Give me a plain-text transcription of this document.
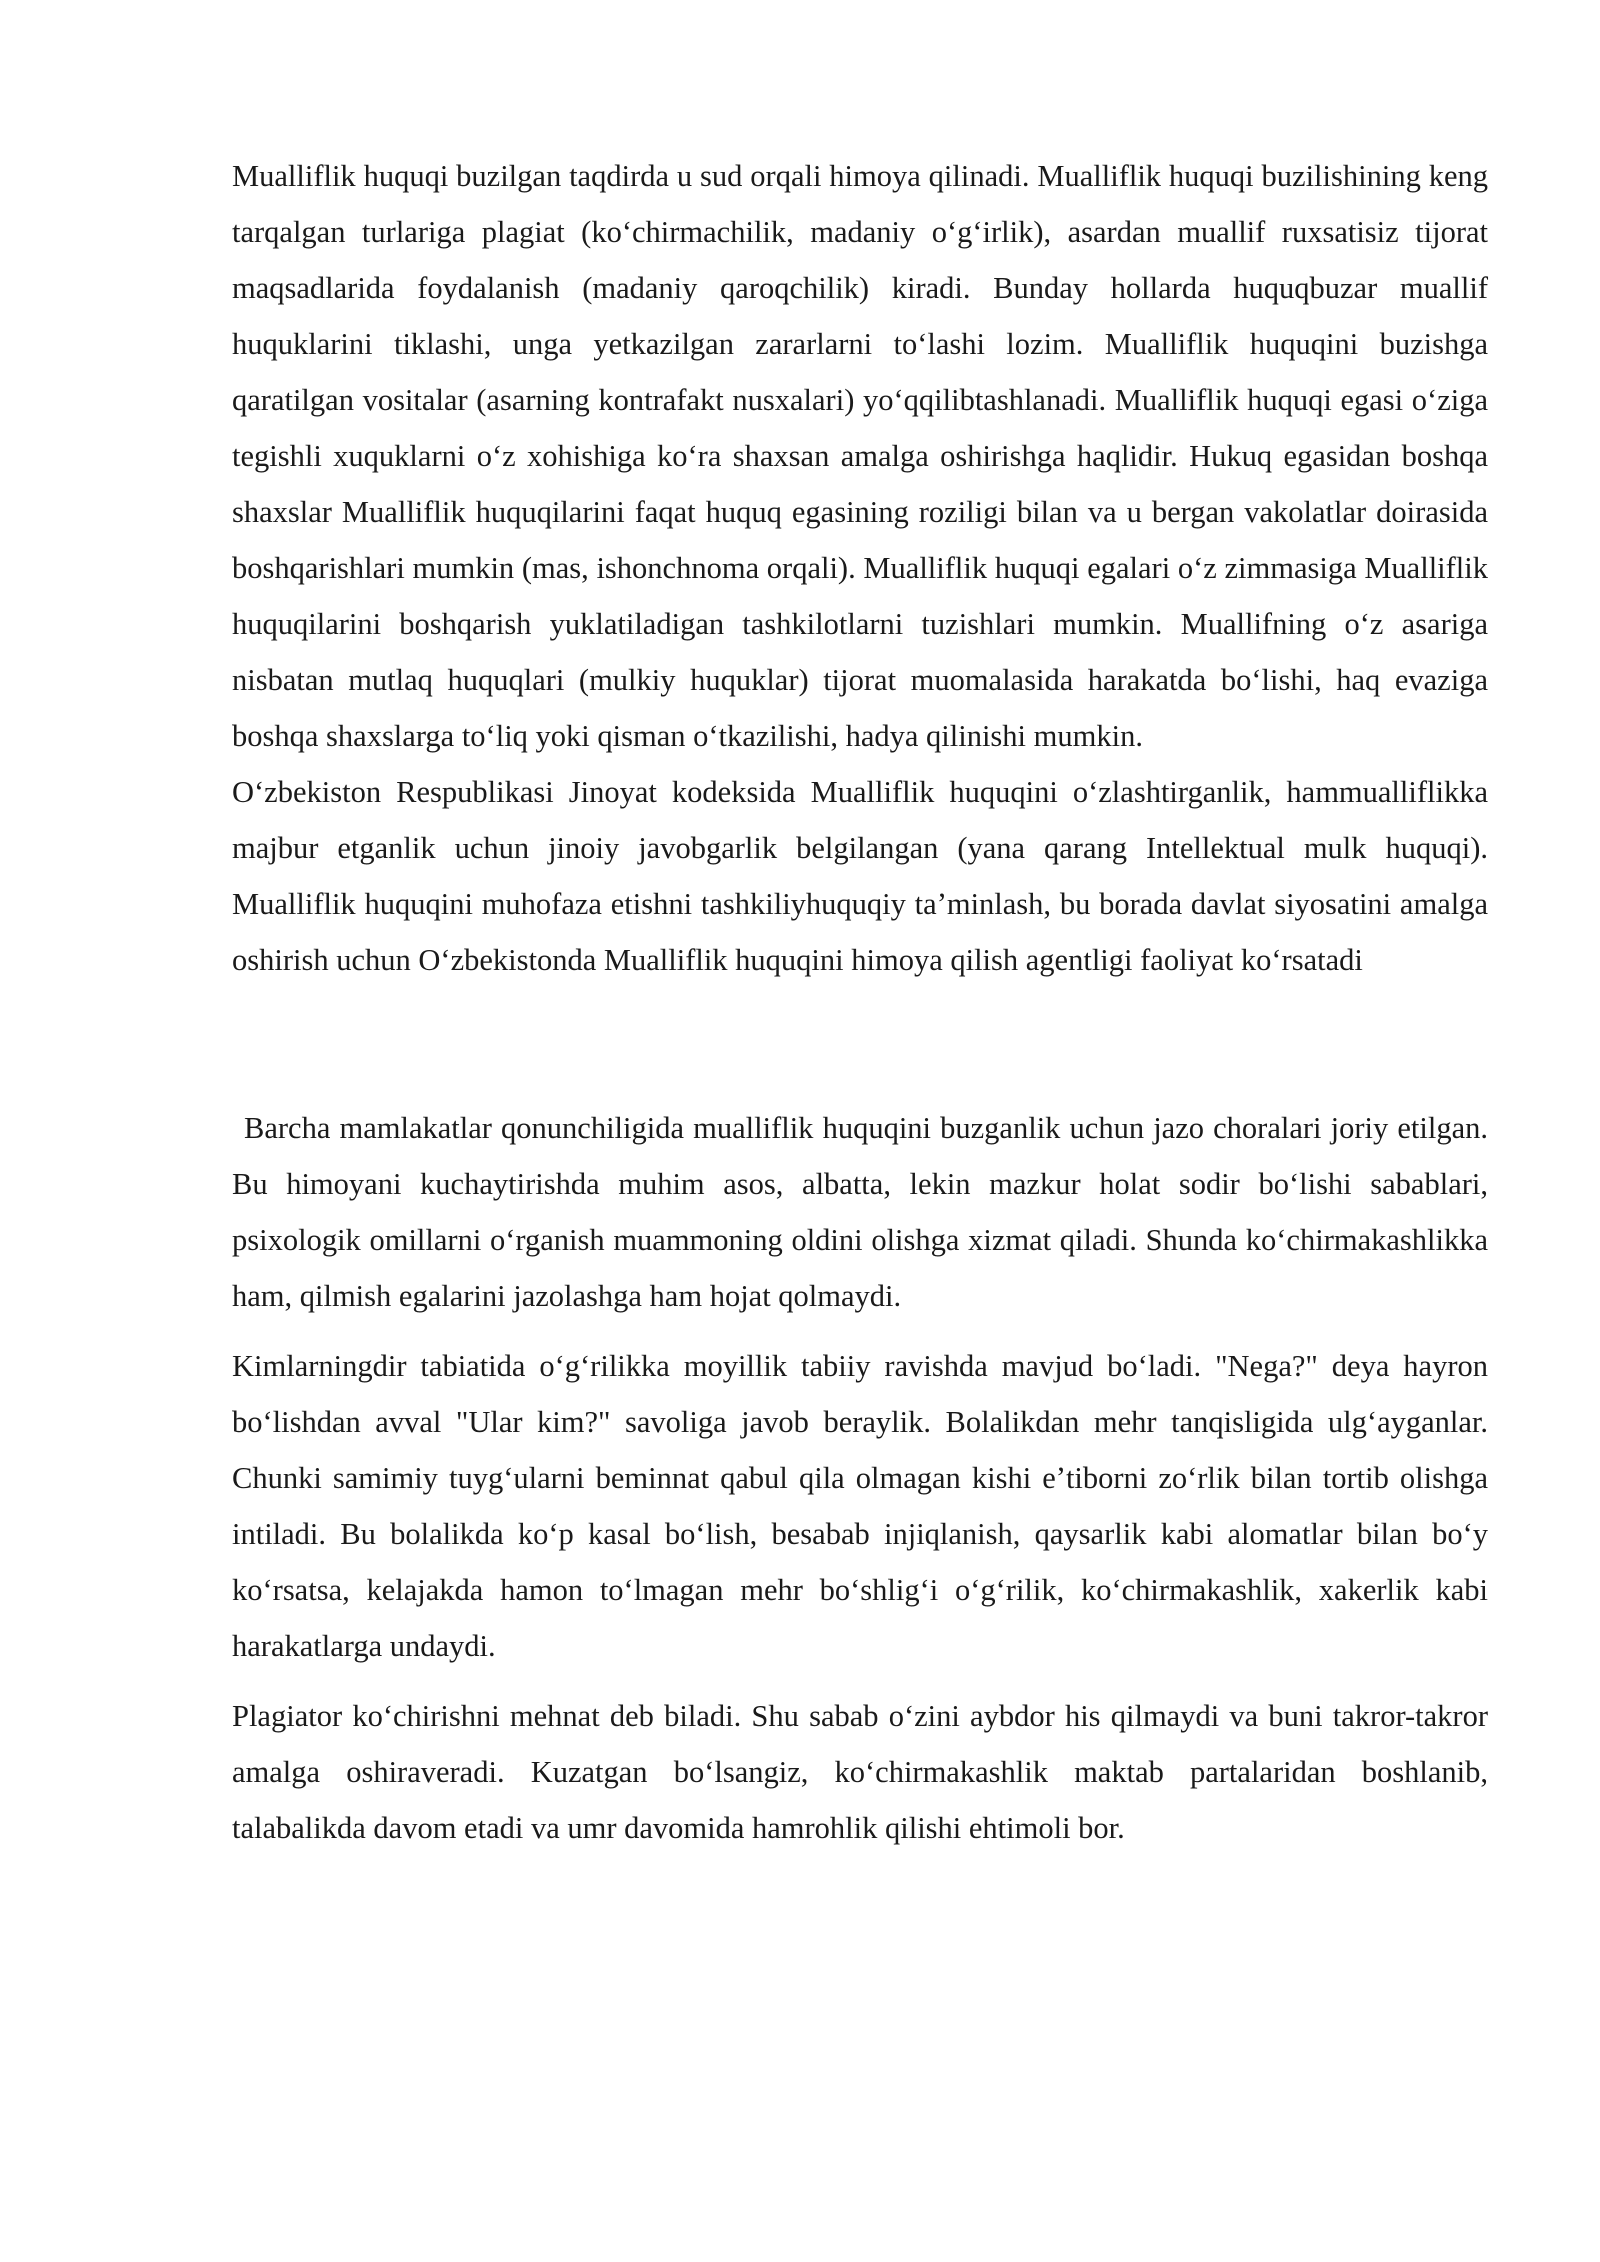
Mualliflik huquqi buzilgan taqdirda u sud orqali himoya qilinadi. Mualliflik huquqi buzilishining keng tarqalgan turlariga plagiat (koʻchirmachilik, madaniy oʻgʻirlik), asardan muallif ruxsatisiz tijorat maqsadlarida foydalanish (madaniy qaroqchilik) kiradi. Bunday hollarda huquqbuzar muallif huquklarini tiklashi, unga yetkazilgan zararlarni toʻlashi lozim. Mualliflik huquqini buzishga qaratilgan vositalar (asarning kontrafakt nusxalari) yoʻqqilibtashlanadi. Mualliflik huquqi egasi oʻziga tegishli xuquklarni oʻz xohishiga koʻra shaxsan amalga oshirishga haqlidir. Hukuq egasidan boshqa shaxslar Mualliflik huquqilarini faqat huquq egasining roziligi bilan va u bergan vakolatlar doirasida boshqarishlari mumkin (mas, ishonchnoma orqali). Mualliflik huquqi egalari oʻz zimmasiga Mualliflik huquqilarini boshqarish yuklatiladigan tashkilotlarni tuzishlari mumkin. Muallifning oʻz asariga nisbatan mutlaq huquqlari (mulkiy huquklar) tijorat muomalasida harakatda boʻlishi, haq evaziga boshqa shaxslarga toʻliq yoki qisman oʻtkazilishi, hadya qilinishi mumkin.

Oʻzbekiston Respublikasi Jinoyat kodeksida Mualliflik huquqini oʻzlashtirganlik, hammualliflikka majbur etganlik uchun jinoiy javobgarlik belgilangan (yana qarang Intellektual mulk huquqi). Mualliflik huquqini muhofaza etishni tashkiliyhuquqiy taʼminlash, bu borada davlat siyosatini amalga oshirish uchun Oʻzbekistonda Mualliflik huquqini himoya qilish agentligi faoliyat koʻrsatadi

Barcha mamlakatlar qonunchiligida mualliflik huquqini buzganlik uchun jazo choralari joriy etilgan. Bu himoyani kuchaytirishda muhim asos, albatta, lekin mazkur holat sodir boʻlishi sabablari, psixologik omillarni oʻrganish muammoning oldini olishga xizmat qiladi. Shunda koʻchirmakashlikka ham, qilmish egalarini jazolashga ham hojat qolmaydi.

Kimlarningdir tabiatida oʻgʻrilikka moyillik tabiiy ravishda mavjud boʻladi. "Nega?" deya hayron boʻlishdan avval "Ular kim?" savoliga javob beraylik. Bolalikdan mehr tanqisligida ulgʻayganlar. Chunki samimiy tuygʻularni beminnat qabul qila olmagan kishi eʼtiborni zoʻrlik bilan tortib olishga intiladi. Bu bolalikda koʻp kasal boʻlish, besabab injiqlanish, qaysarlik kabi alomatlar bilan boʻy koʻrsatsa, kelajakda hamon toʻlmagan mehr boʻshligʻi oʻgʻrilik, koʻchirmakashlik, xakerlik kabi harakatlarga undaydi.

Plagiator koʻchirishni mehnat deb biladi. Shu sabab oʻzini aybdor his qilmaydi va buni takror-takror amalga oshiraveradi. Kuzatgan boʻlsangiz, koʻchirmakashlik maktab partalaridan boshlanib, talabalikda davom etadi va umr davomida hamrohlik qilishi ehtimoli bor.
